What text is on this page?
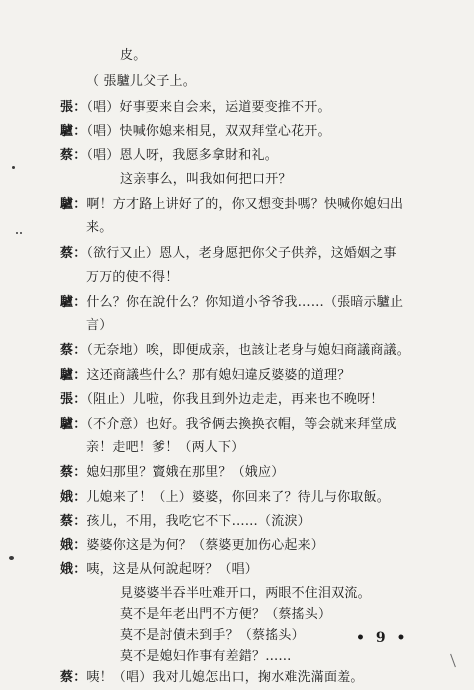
皮。
（ 張驢儿父子上。
張：（唱）好事要来自会来，运道要变推不开。
驢：（唱）快喊你媳来相見，双双拜堂心花开。
蔡：（唱）恩人呀，我愿多拿財和礼。
这亲事么，叫我如何把口开？
驢：啊！方才路上讲好了的，你又想变卦嗎？快喊你媳妇出
来。
蔡：（欲行又止）恩人，老身愿把你父子供养，这婚姻之事
万万的使不得！
驢：什么？你在說什么？你知道小爷爷我……（張暗示驢止
言）
蔡：（无奈地）唉，即便成亲，也該让老身与媳妇商議商議。
驢：这还商議些什么？那有媳妇違反婆婆的道理？
張：（阻止）儿啦，你我且到外边走走，再来也不晚呀！
驢：（不介意）也好。我爷俩去換换衣帽，等会就来拜堂成
亲！走吧！爹！（两人下）
蔡：媳妇那里？竇娥在那里？（娥应）
娥：儿媳来了！（上）婆婆，你回来了？待儿与你取飯。
蔡：孩儿，不用，我吃它不下……（流淚）
娥：婆婆你这是为何？（蔡婆更加伤心起来）
娥：咦，这是从何說起呀？（唱）
見婆婆半吞半吐难开口，两眼不住泪双流。
莫不是年老出門不方便？（蔡搖头）
莫不是討債未到手？（蔡搖头）
莫不是媳妇作事有差錯？……
蔡：咦！（唱）我对儿媳怎出口，掬水难洗滿面羞。
• 9 •
